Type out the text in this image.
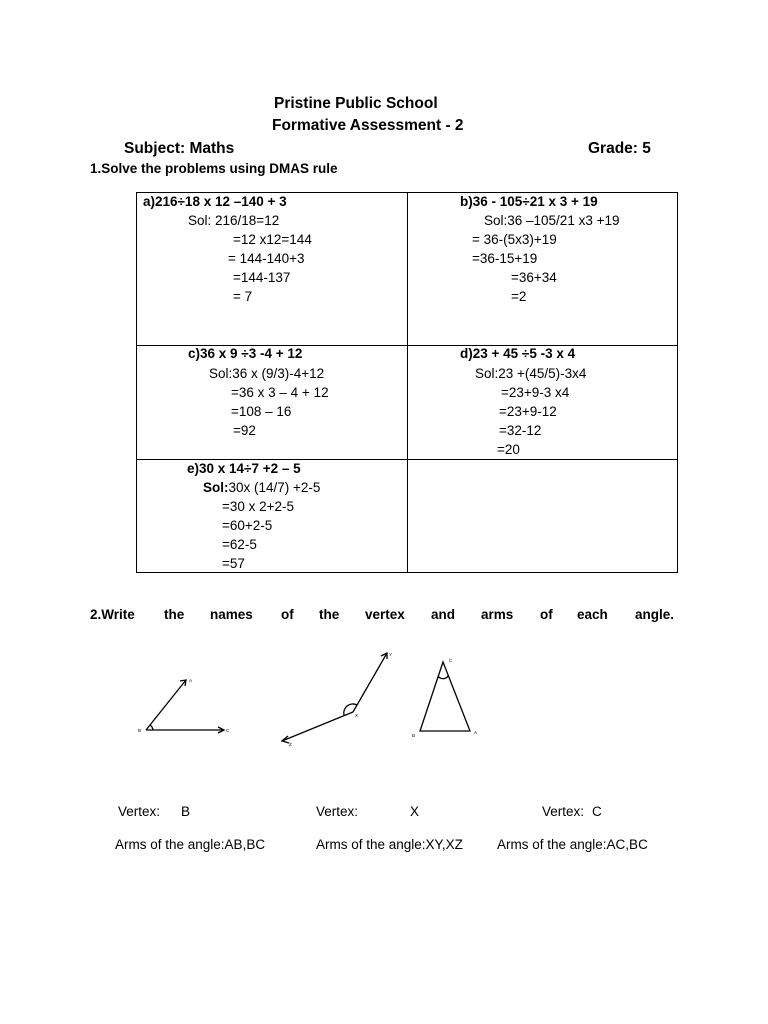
Pristine Public School
Formative Assessment - 2
Subject: Maths	Grade: 5
1.Solve the problems using DMAS rule
a)216÷18 x 12 –140 + 3
Sol: 216/18=12
=12 x12=144
= 144-140+3
=144-137
= 7
b)36 - 105÷21 x 3 + 19
Sol:36 –105/21 x3 +19
= 36-(5x3)+19
=36-15+19
=36+34
=2
c)36 x 9 ÷3 -4 + 12
Sol:36 x (9/3)-4+12
=36 x 3 – 4 + 12
=108 – 16
=92
d)23 + 45 ÷5 -3 x 4
Sol:23 +(45/5)-3x4
=23+9-3 x4
=23+9-12
=32-12
=20
e)30 x 14÷7 +2 – 5
Sol:30x (14/7) +2-5
=30 x 2+2-5
=60+2-5
=62-5
=57
2.Write the names of the vertex and arms of each angle.
A
B	C
Y
X
Z
C
B
A
Vertex: B	Vertex:	X	Vertex: C
Arms of the angle:AB,BC	Arms of the angle:XY,XZ	Arms of the angle:AC,BC
